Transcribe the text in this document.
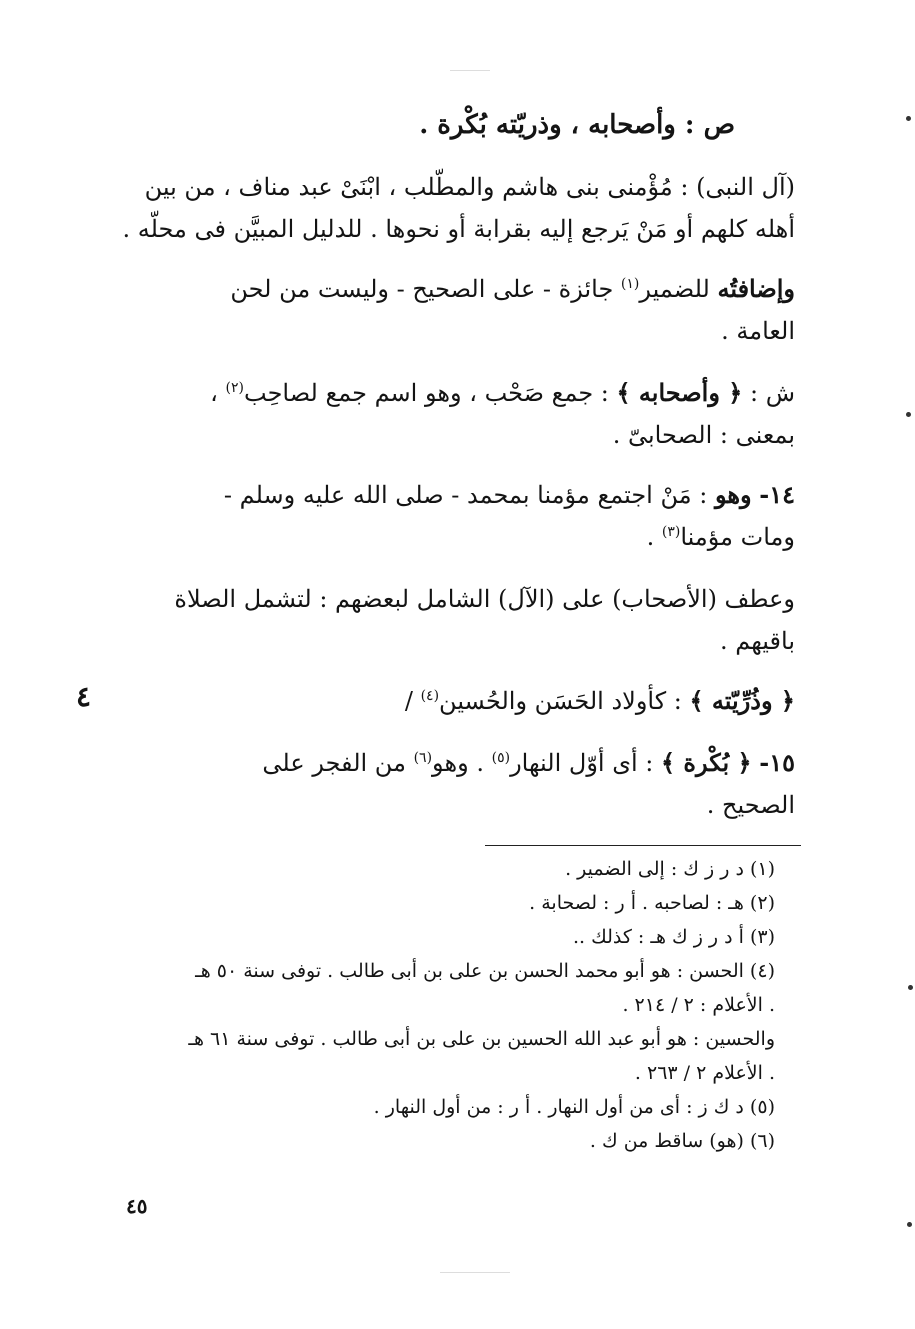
ص : وأصحابه ، وذريّته بُكْرة .
(آل النبى) : مُؤْمنى بنى هاشم والمطّلب ، ابْنَىْ عبد مناف ، من بين
أهله كلهم أو مَنْ يَرجع إليه بقرابة أو نحوها . للدليل المبيَّن فى محلّه .
وإضافتُه للضمير$^{(١)}$ جائزة - على الصحيح - وليست من لحن
العامة .
ش : ﴿ وأصحابه ﴾ : جمع صَحْب ، وهو اسم جمع لصاحِب$^{(٢)}$ ،
بمعنى : الصحابىّ .
١٤- وهو : مَنْ اجتمع مؤمنا بمحمد - صلى الله عليه وسلم -
ومات مؤمنا$^{(٣)}$ .
وعطف (الأصحاب) على (الآل) الشامل لبعضهم : لتشمل الصلاة
باقيهم .
﴿ وذُرِّيّته ﴾ : كأولاد الحَسَن والحُسين$^{(٤)}$ /
٤
١٥- ﴿ بُكْرة ﴾ : أى أوّل النهار$^{(٥)}$ . وهو$^{(٦)}$ من الفجر على
الصحيح .
(١) د ر ز ك : إلى الضمير .
(٢) هـ : لصاحبه . أ ر : لصحابة .
(٣) أ د ر ز ك هـ : كذلك ..
(٤) الحسن : هو أبو محمد الحسن بن على بن أبى طالب . توفى سنة ٥٠ هـ
. الأعلام : ٢ / ٢١٤ .
والحسين : هو أبو عبد الله الحسين بن على بن أبى طالب . توفى سنة ٦١ هـ
. الأعلام ٢ / ٢٦٣ .
(٥) د ك ز : أى من أول النهار . أ ر : من أول النهار .
(٦) (هو) ساقط من ك .
٤٥
